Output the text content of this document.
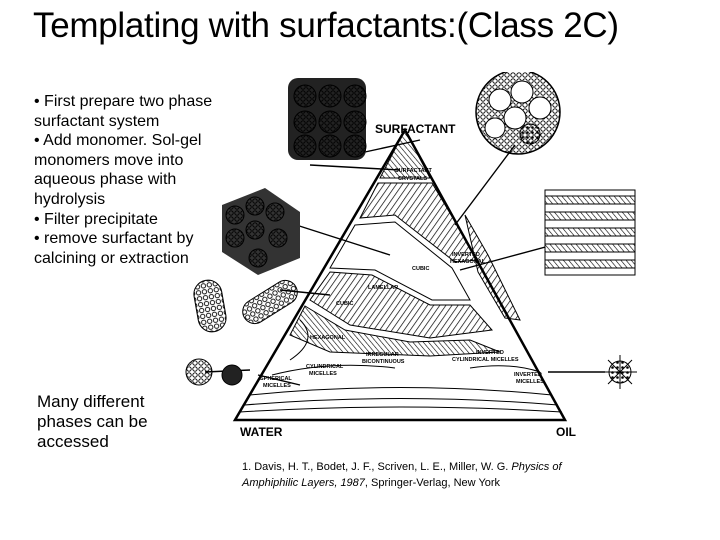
Templating with surfactants:(Class 2C)
• First prepare two phase surfactant system
• Add monomer. Sol-gel monomers move into aqueous phase with hydrolysis
• Filter precipitate
• remove surfactant by calcining or extraction
Many different phases can be accessed
SURFACTANT
WATER	OIL
SURFACTANT
CRYSTALS
INVERTED
HEXAGONAL
CUBIC
LAMELLAR
CUBIC
HEXAGONAL
CYLINDRICAL
MICELLES
IRREGULAR
BICONTINUOUS
INVERTED
CYLINDRICAL MICELLES
SPHERICAL
MICELLES
INVERTED
MICELLES
1. Davis, H. T., Bodet, J. F., Scriven, L. E., Miller, W. G. Physics of Amphiphilic Layers, 1987, Springer-Verlag, New York
